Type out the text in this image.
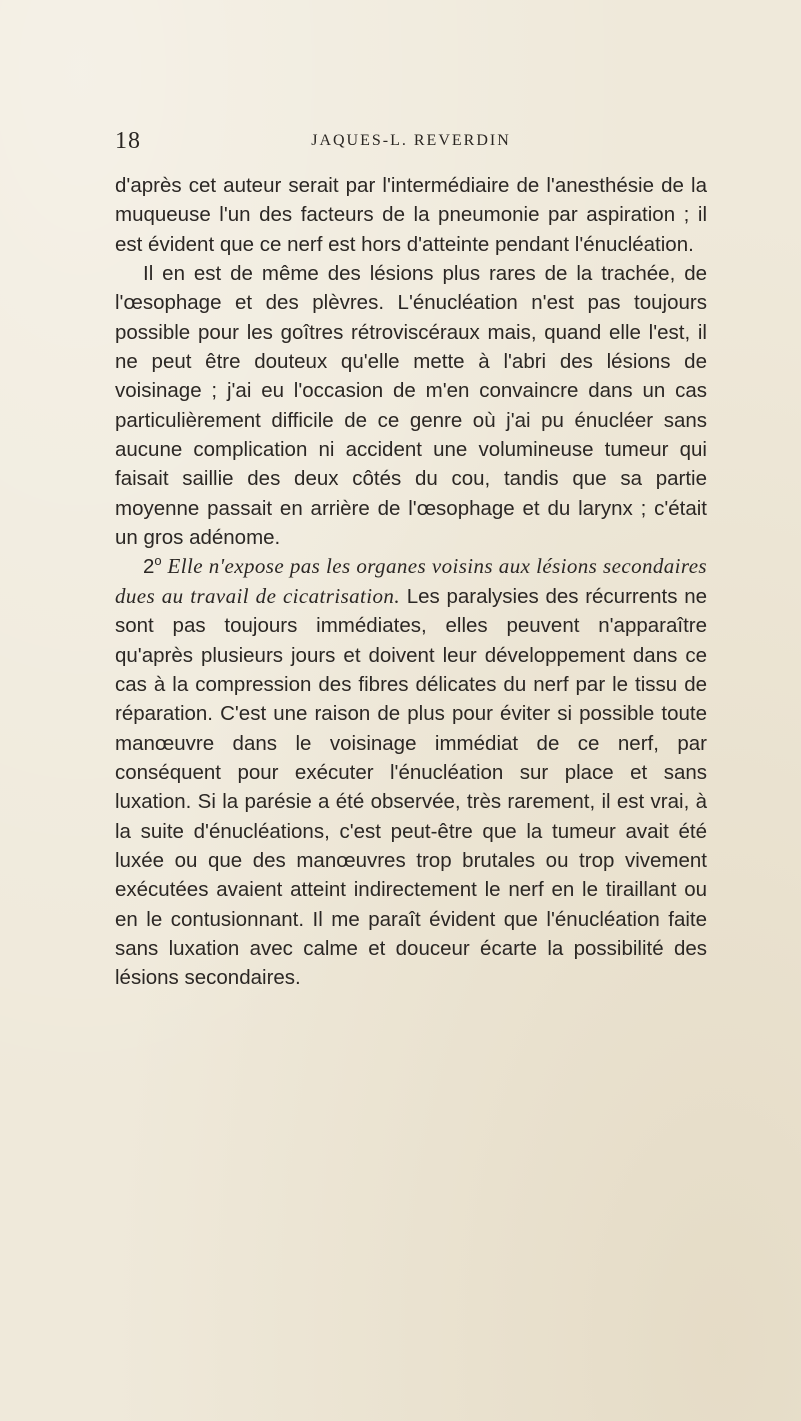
18	JAQUES-L. REVERDIN

d'après cet auteur serait par l'intermédiaire de l'anesthésie de la muqueuse l'un des facteurs de la pneumonie par aspiration ; il est évident que ce nerf est hors d'atteinte pendant l'énucléation.

Il en est de même des lésions plus rares de la trachée, de l'œsophage et des plèvres. L'énucléation n'est pas toujours possible pour les goîtres rétroviscéraux mais, quand elle l'est, il ne peut être douteux qu'elle mette à l'abri des lésions de voisinage ; j'ai eu l'occasion de m'en convaincre dans un cas particulièrement difficile de ce genre où j'ai pu énucléer sans aucune complication ni accident une volumineuse tumeur qui faisait saillie des deux côtés du cou, tandis que sa partie moyenne passait en arrière de l'œsophage et du larynx ; c'était un gros adénome.

2$^o$ Elle n'expose pas les organes voisins aux lésions secondaires dues au travail de cicatrisation. Les paralysies des récurrents ne sont pas toujours immédiates, elles peuvent n'apparaître qu'après plusieurs jours et doivent leur développement dans ce cas à la compression des fibres délicates du nerf par le tissu de réparation. C'est une raison de plus pour éviter si possible toute manœuvre dans le voisinage immédiat de ce nerf, par conséquent pour exécuter l'énucléation sur place et sans luxation. Si la parésie a été observée, très rarement, il est vrai, à la suite d'énucléations, c'est peut-être que la tumeur avait été luxée ou que des manœuvres trop brutales ou trop vivement exécutées avaient atteint indirectement le nerf en le tiraillant ou en le contusionnant. Il me paraît évident que l'énucléation faite sans luxation avec calme et douceur écarte la possibilité des lésions secondaires.
